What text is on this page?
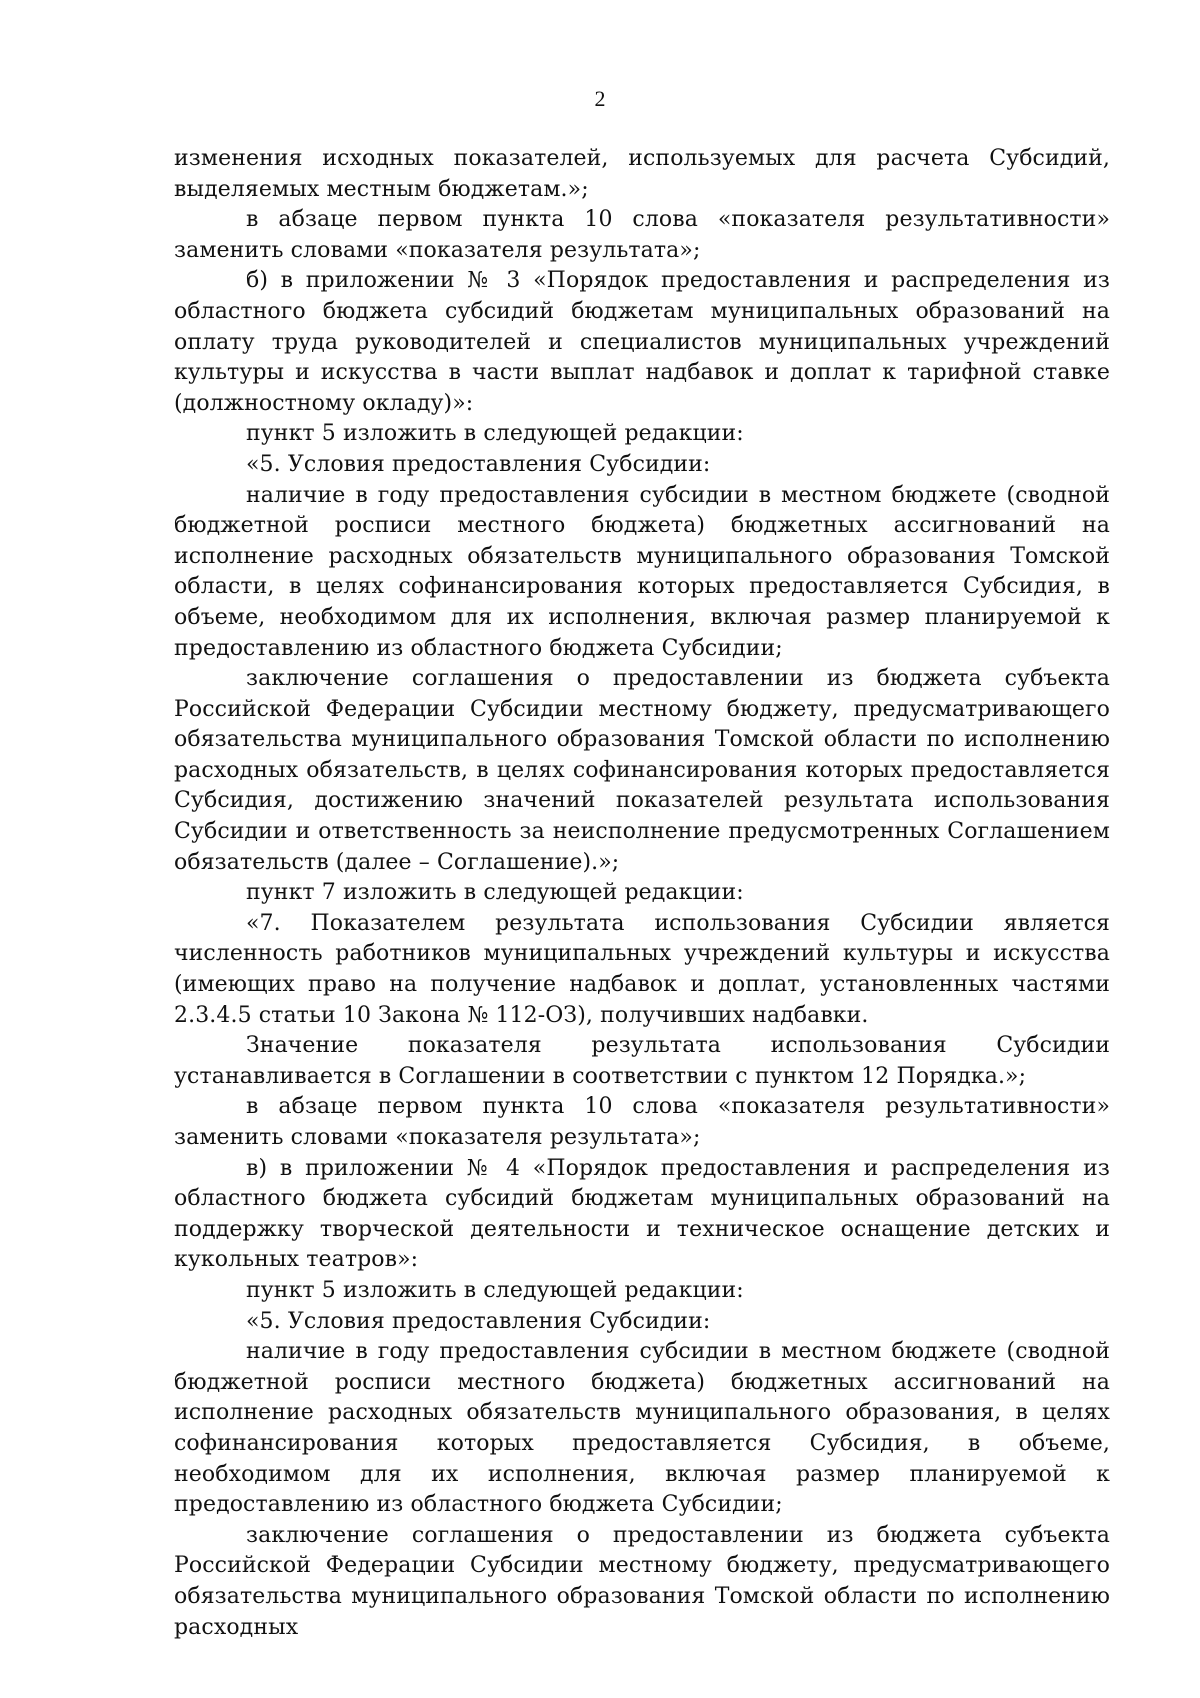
2

изменения исходных показателей, используемых для расчета Субсидий, выделяемых местным бюджетам.»;

в абзаце первом пункта 10 слова «показателя результативности» заменить словами «показателя результата»;

б) в приложении № 3 «Порядок предоставления и распределения из областного бюджета субсидий бюджетам муниципальных образований на оплату труда руководителей и специалистов муниципальных учреждений культуры и искусства в части выплат надбавок и доплат к тарифной ставке (должностному окладу)»:

пункт 5 изложить в следующей редакции:

«5. Условия предоставления Субсидии:

наличие в году предоставления субсидии в местном бюджете (сводной бюджетной росписи местного бюджета) бюджетных ассигнований на исполнение расходных обязательств муниципального образования Томской области, в целях софинансирования которых предоставляется Субсидия, в объеме, необходимом для их исполнения, включая размер планируемой к предоставлению из областного бюджета Субсидии;

заключение соглашения о предоставлении из бюджета субъекта Российской Федерации Субсидии местному бюджету, предусматривающего обязательства муниципального образования Томской области по исполнению расходных обязательств, в целях софинансирования которых предоставляется Субсидия, достижению значений показателей результата использования Субсидии и ответственность за неисполнение предусмотренных Соглашением обязательств (далее – Соглашение).»;

пункт 7 изложить в следующей редакции:

«7. Показателем результата использования Субсидии является численность работников муниципальных учреждений культуры и искусства (имеющих право на получение надбавок и доплат, установленных частями 2.3.4.5 статьи 10 Закона № 112-ОЗ), получивших надбавки.

Значение показателя результата использования Субсидии устанавливается в Соглашении в соответствии с пунктом 12 Порядка.»;

в абзаце первом пункта 10 слова «показателя результативности» заменить словами «показателя результата»;

в) в приложении № 4 «Порядок предоставления и распределения из областного бюджета субсидий бюджетам муниципальных образований на поддержку творческой деятельности и техническое оснащение детских и кукольных театров»:

пункт 5 изложить в следующей редакции:

«5. Условия предоставления Субсидии:

наличие в году предоставления субсидии в местном бюджете (сводной бюджетной росписи местного бюджета) бюджетных ассигнований на исполнение расходных обязательств муниципального образования, в целях софинансирования которых предоставляется Субсидия, в объеме, необходимом для их исполнения, включая размер планируемой к предоставлению из областного бюджета Субсидии;

заключение соглашения о предоставлении из бюджета субъекта Российской Федерации Субсидии местному бюджету, предусматривающего обязательства муниципального образования Томской области по исполнению расходных
